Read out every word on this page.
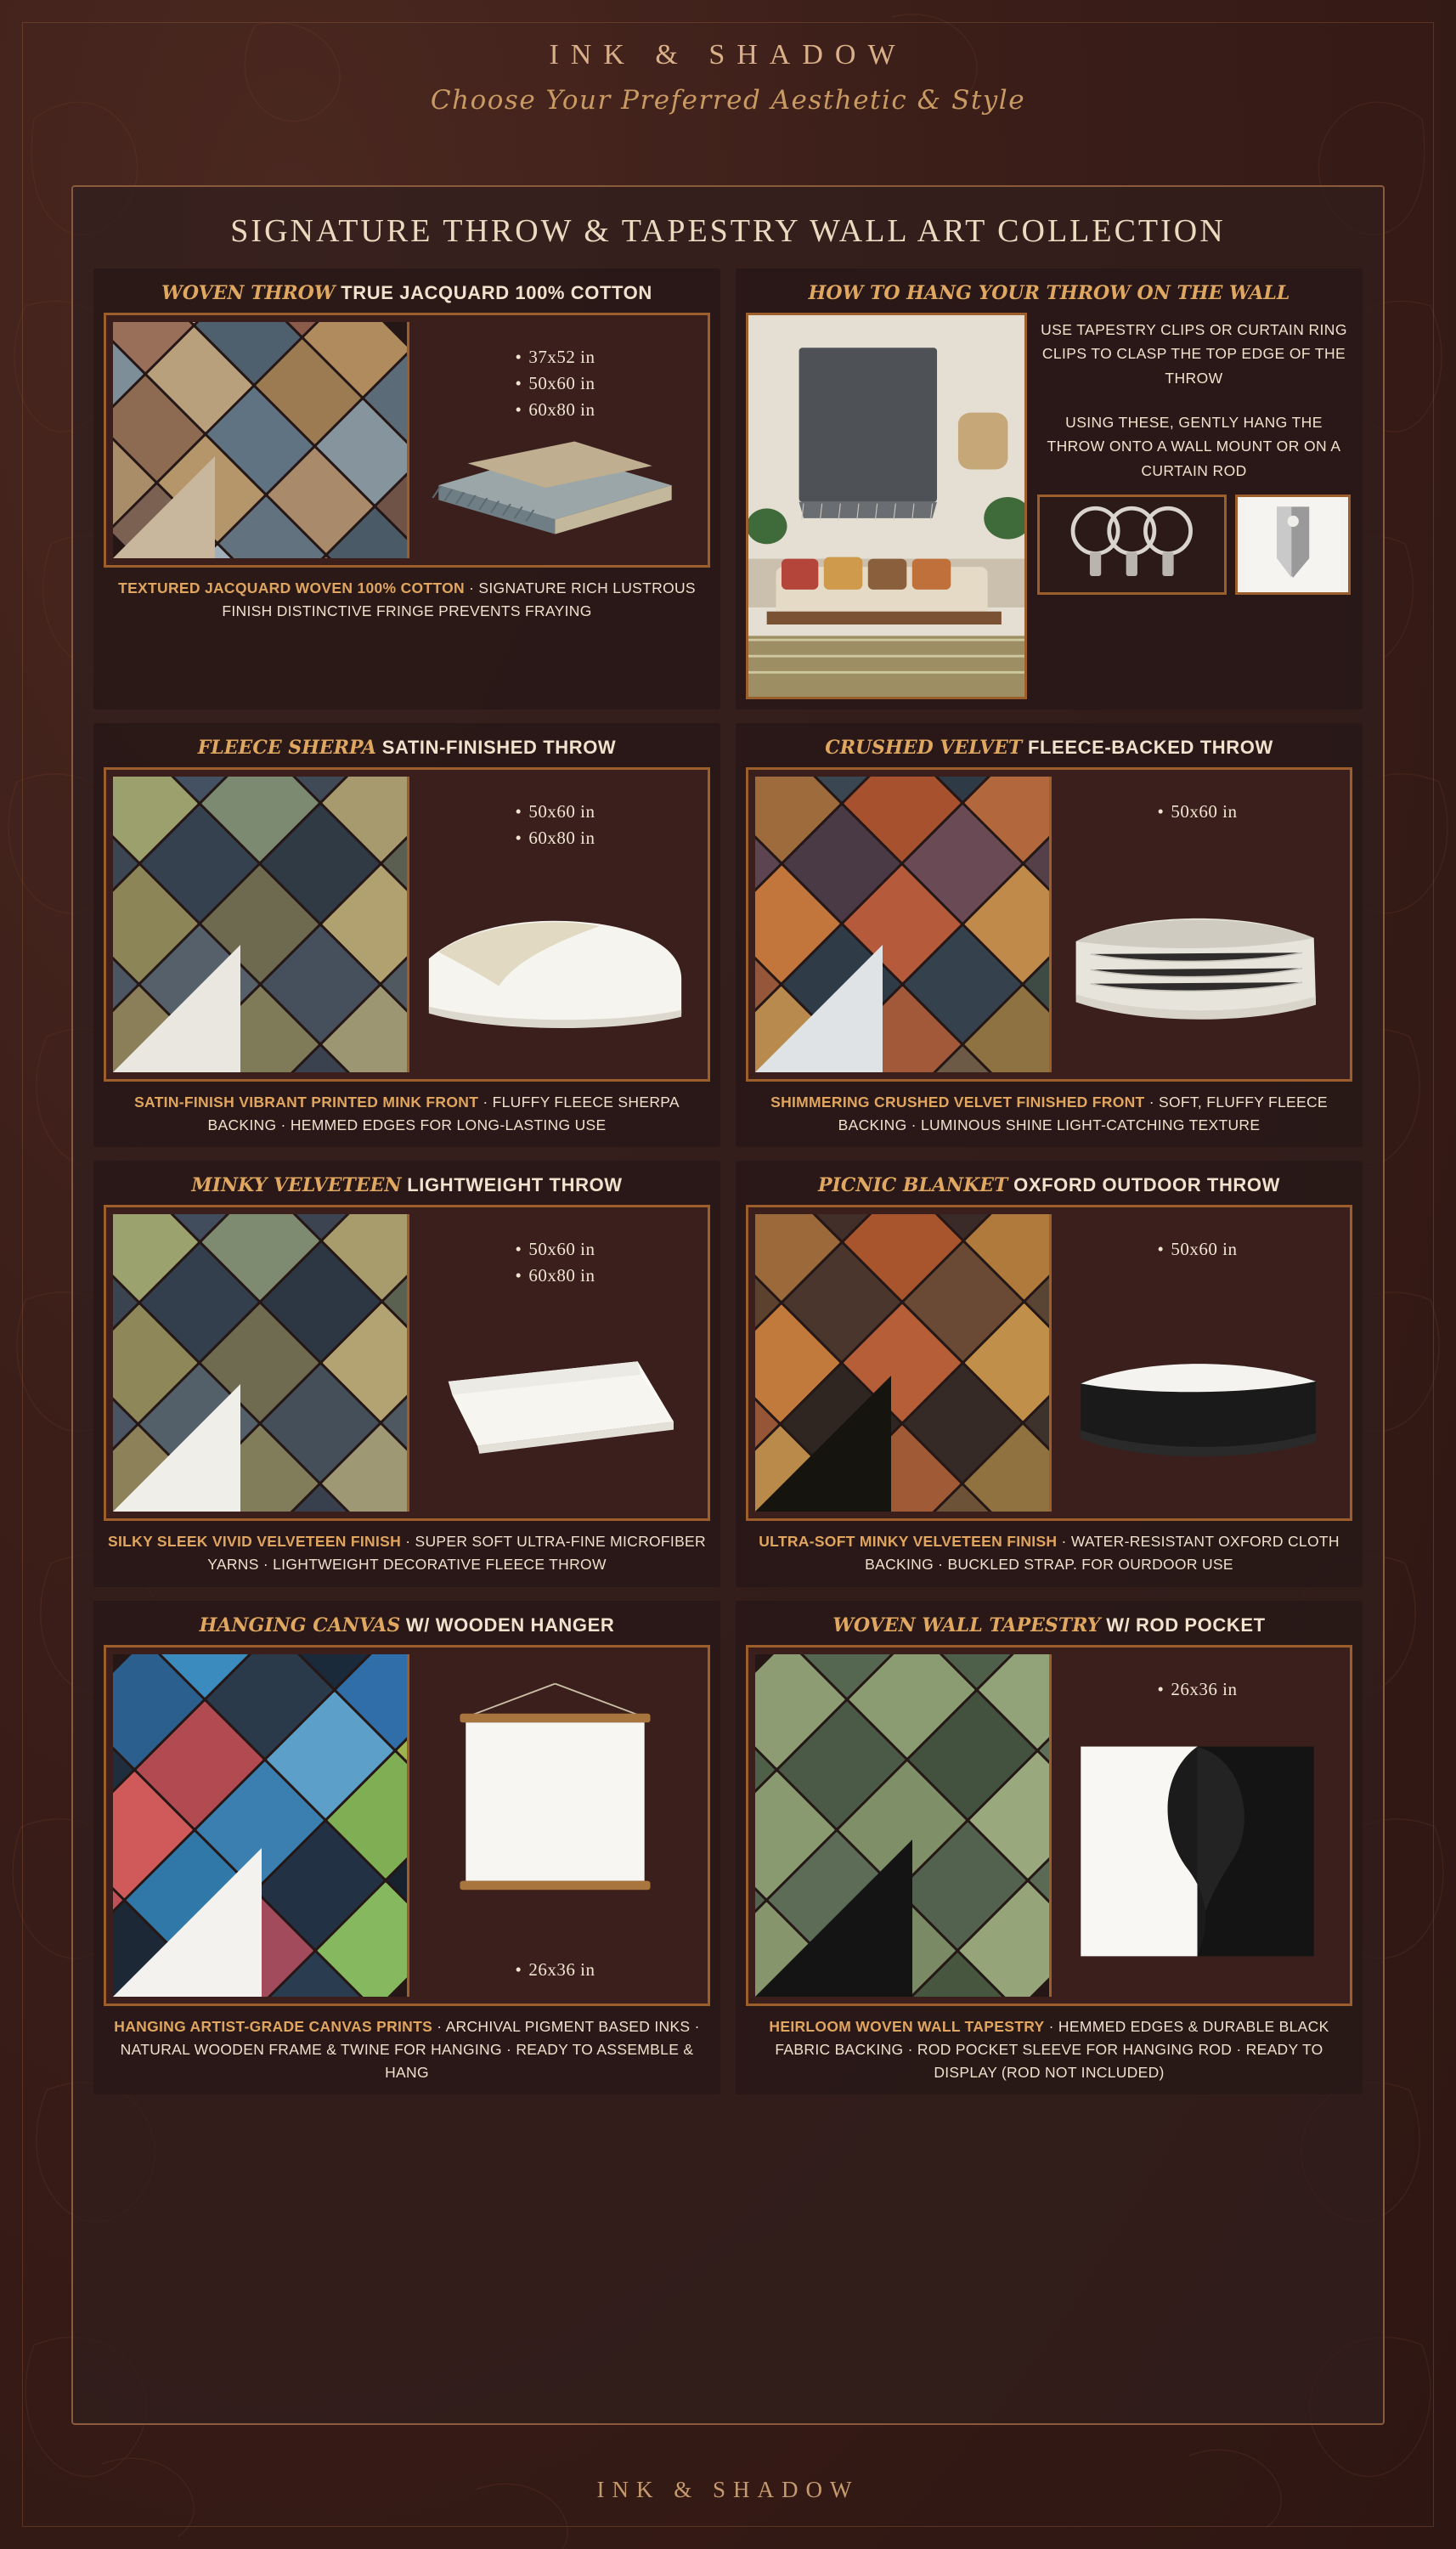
INK & SHADOW
Choose Your Preferred Aesthetic & Style
SIGNATURE THROW & TAPESTRY WALL ART COLLECTION
WOVEN THROW TRUE JACQUARD 100% COTTON
• 37x52 in
• 50x60 in
• 60x80 in
TEXTURED JACQUARD WOVEN 100% COTTON · SIGNATURE RICH LUSTROUS FINISH DISTINCTIVE FRINGE PREVENTS FRAYING
HOW TO HANG YOUR THROW ON THE WALL
USE TAPESTRY CLIPS OR CURTAIN RING CLIPS TO CLASP THE TOP EDGE OF THE THROW
USING THESE, GENTLY HANG THE THROW ONTO A WALL MOUNT OR ON A CURTAIN ROD
FLEECE SHERPA SATIN-FINISHED THROW
• 50x60 in
• 60x80 in
SATIN-FINISH VIBRANT PRINTED MINK FRONT · FLUFFY FLEECE SHERPA BACKING · HEMMED EDGES FOR LONG-LASTING USE
CRUSHED VELVET FLEECE-BACKED THROW
• 50x60 in
SHIMMERING CRUSHED VELVET FINISHED FRONT · SOFT, FLUFFY FLEECE BACKING · LUMINOUS SHINE LIGHT-CATCHING TEXTURE
MINKY VELVETEEN LIGHTWEIGHT THROW
• 50x60 in
• 60x80 in
SILKY SLEEK VIVID VELVETEEN FINISH · SUPER SOFT ULTRA-FINE MICROFIBER YARNS · LIGHTWEIGHT DECORATIVE FLEECE THROW
PICNIC BLANKET OXFORD OUTDOOR THROW
• 50x60 in
ULTRA-SOFT MINKY VELVETEEN FINISH · WATER-RESISTANT OXFORD CLOTH BACKING · BUCKLED STRAP. FOR OURDOOR USE
HANGING CANVAS W/ WOODEN HANGER
• 26x36 in
HANGING ARTIST-GRADE CANVAS PRINTS · ARCHIVAL PIGMENT BASED INKS · NATURAL WOODEN FRAME & TWINE FOR HANGING · READY TO ASSEMBLE & HANG
WOVEN WALL TAPESTRY W/ ROD POCKET
• 26x36 in
HEIRLOOM WOVEN WALL TAPESTRY · HEMMED EDGES & DURABLE BLACK FABRIC BACKING · ROD POCKET SLEEVE FOR HANGING ROD · READY TO DISPLAY (ROD NOT INCLUDED)
INK & SHADOW
